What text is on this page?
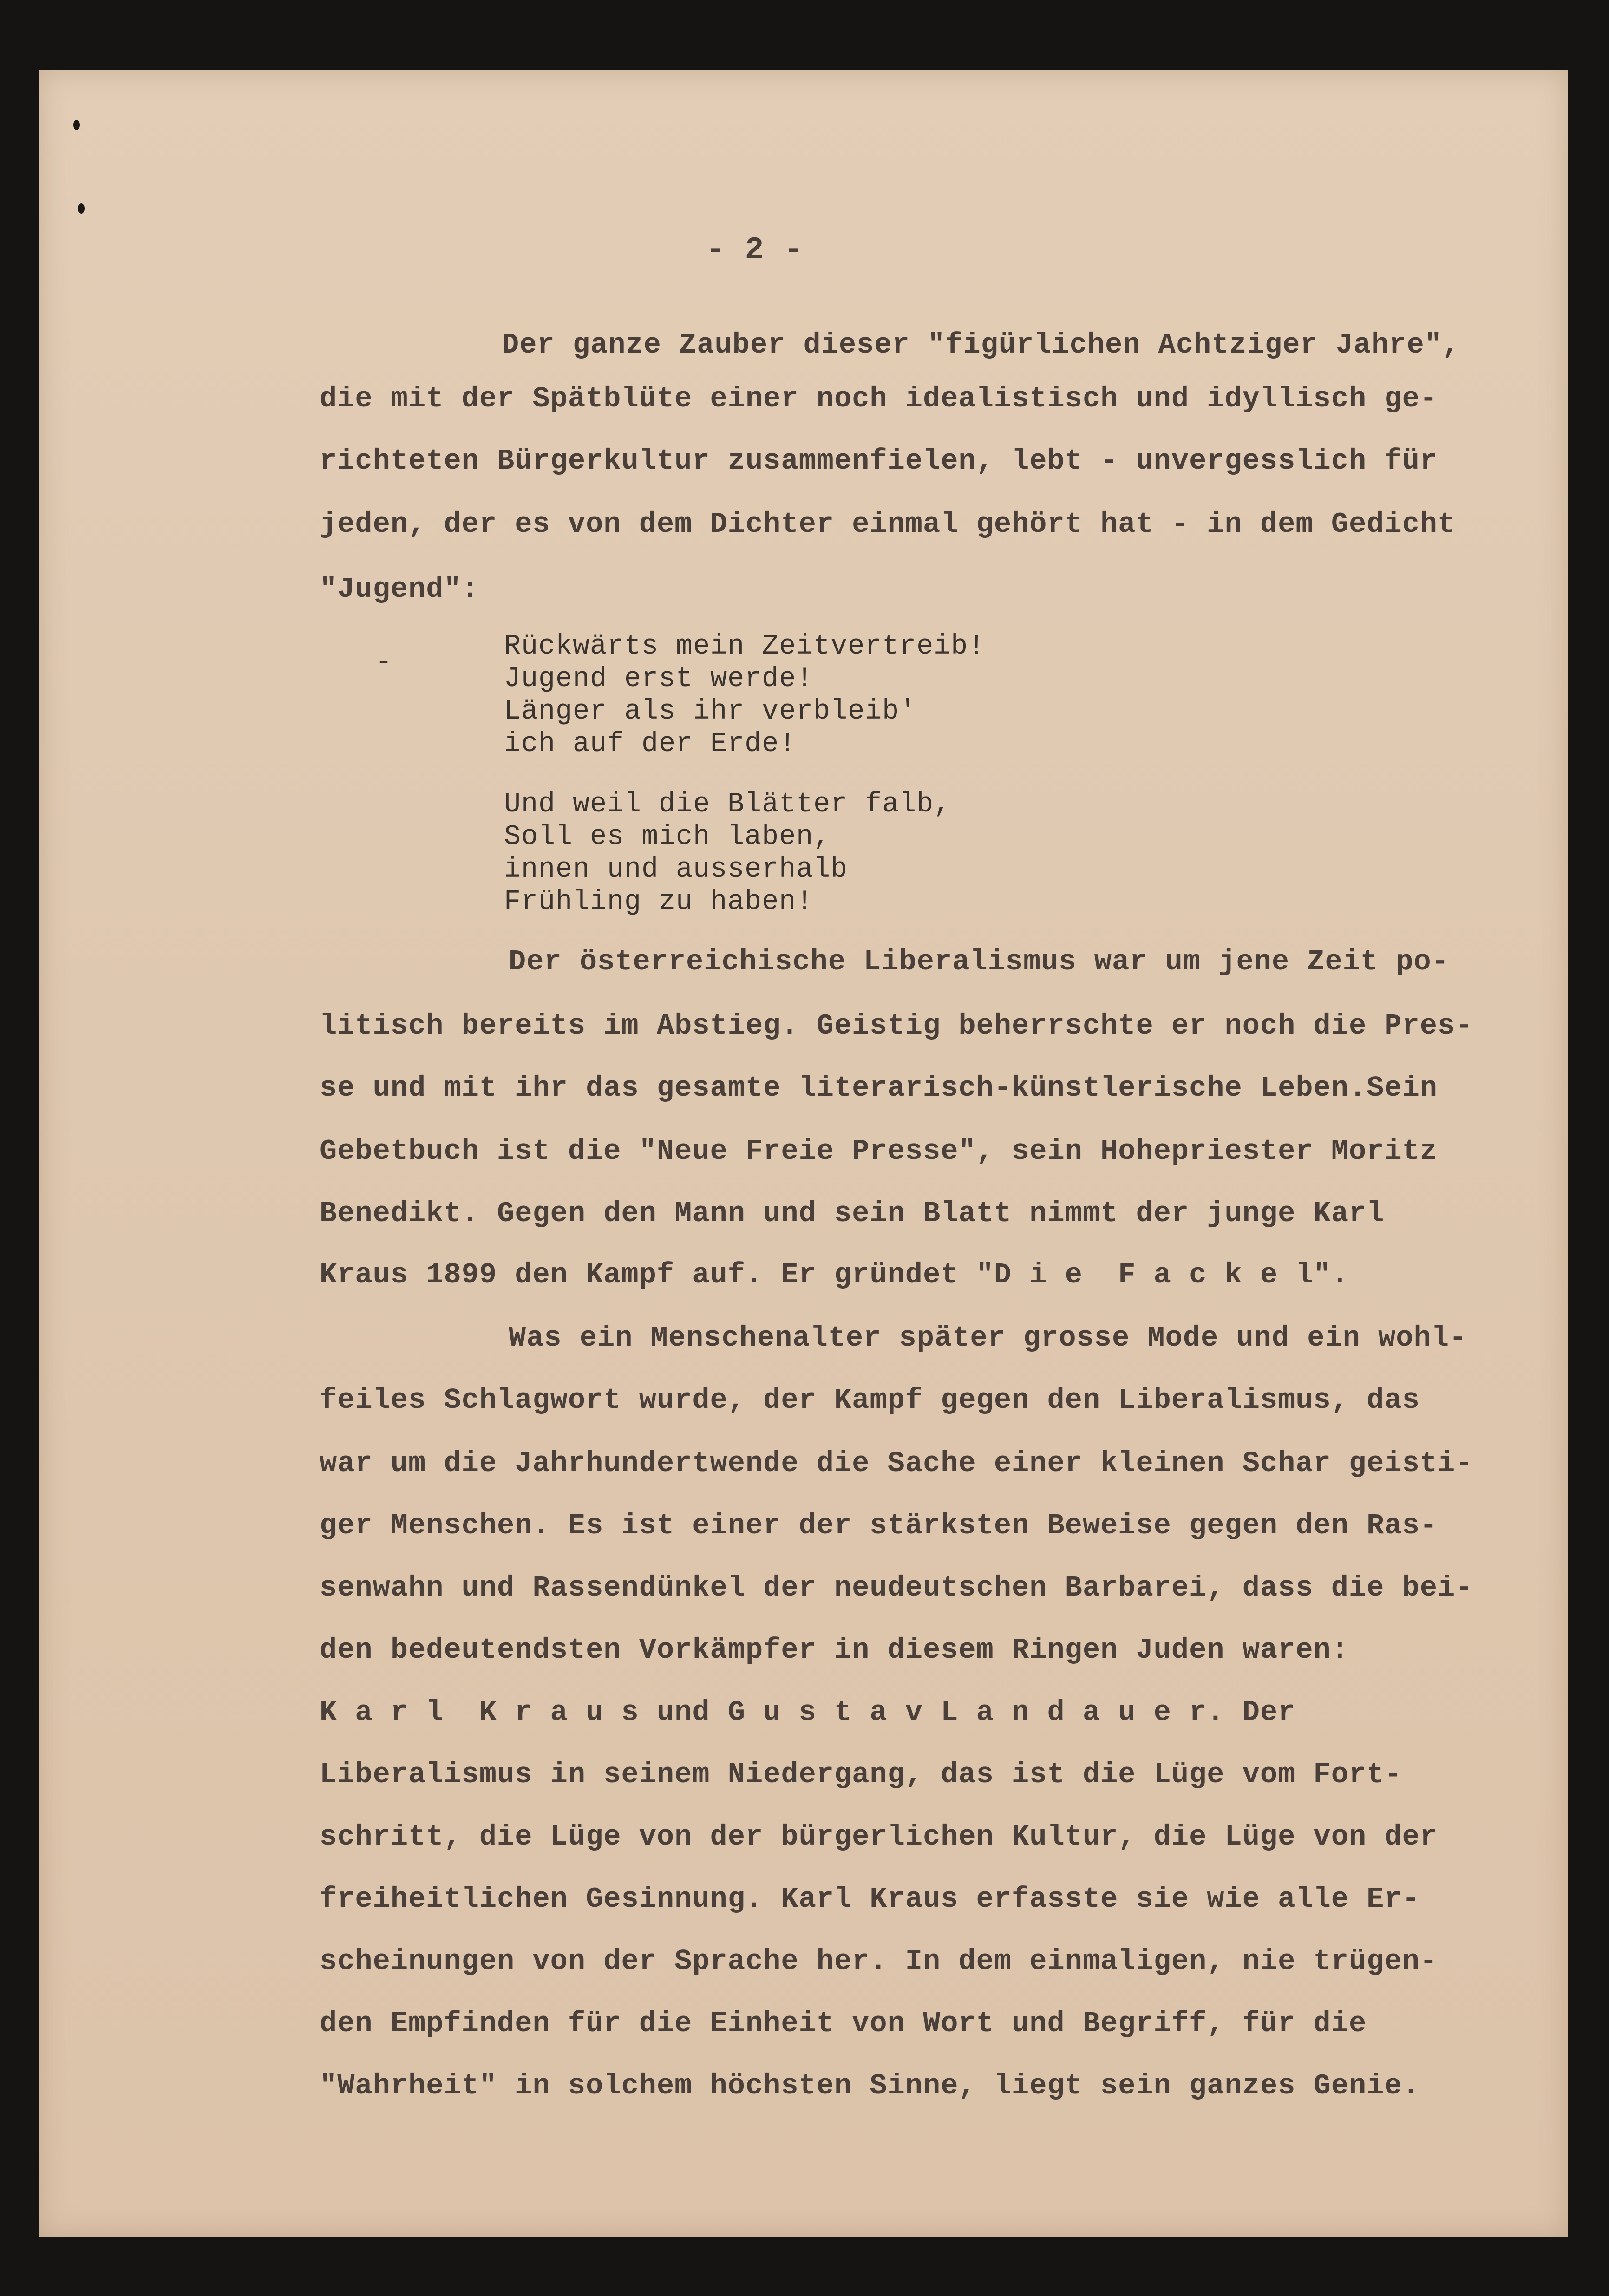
- 2 -
Der ganze Zauber dieser "figürlichen Achtziger Jahre",
die mit der Spätblüte einer noch idealistisch und idyllisch ge-
richteten Bürgerkultur zusammenfielen, lebt - unvergesslich für
jeden, der es von dem Dichter einmal gehört hat - in dem Gedicht
"Jugend":
-	Rückwärts mein Zeitvertreib!
Jugend erst werde!
Länger als ihr verbleib'
ich auf der Erde!
Und weil die Blätter falb,
Soll es mich laben,
innen und ausserhalb
Frühling zu haben!
Der österreichische Liberalismus war um jene Zeit po-
litisch bereits im Abstieg. Geistig beherrschte er noch die Pres-
se und mit ihr das gesamte literarisch-künstlerische Leben.Sein
Gebetbuch ist die "Neue Freie Presse", sein Hohepriester Moritz
Benedikt. Gegen den Mann und sein Blatt nimmt der junge Karl
Kraus 1899 den Kampf auf. Er gründet "D i e  F a c k e l".
Was ein Menschenalter später grosse Mode und ein wohl-
feiles Schlagwort wurde, der Kampf gegen den Liberalismus, das
war um die Jahrhundertwende die Sache einer kleinen Schar geisti-
ger Menschen. Es ist einer der stärksten Beweise gegen den Ras-
senwahn und Rassendünkel der neudeutschen Barbarei, dass die bei-
den bedeutendsten Vorkämpfer in diesem Ringen Juden waren:
K a r l  K r a u s und G u s t a v L a n d a u e r. Der
Liberalismus in seinem Niedergang, das ist die Lüge vom Fort-
schritt, die Lüge von der bürgerlichen Kultur, die Lüge von der
freiheitlichen Gesinnung. Karl Kraus erfasste sie wie alle Er-
scheinungen von der Sprache her. In dem einmaligen, nie trügen-
den Empfinden für die Einheit von Wort und Begriff, für die
"Wahrheit" in solchem höchsten Sinne, liegt sein ganzes Genie.
